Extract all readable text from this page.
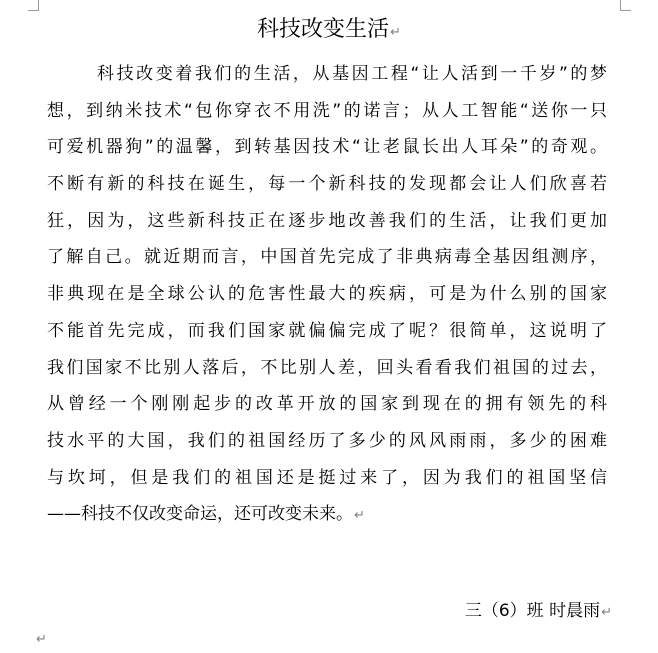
科技改变生活↵
科技改变着我们的生活，从基因工程“让人活到一千岁”的梦
想，到纳米技术“包你穿衣不用洗”的诺言；从人工智能“送你一只
可爱机器狗”的温馨，到转基因技术“让老鼠长出人耳朵”的奇观。
不断有新的科技在诞生，每一个新科技的发现都会让人们欣喜若
狂，因为，这些新科技正在逐步地改善我们的生活，让我们更加
了解自己。就近期而言，中国首先完成了非典病毒全基因组测序，
非典现在是全球公认的危害性最大的疾病，可是为什么别的国家
不能首先完成，而我们国家就偏偏完成了呢？很简单，这说明了
我们国家不比别人落后，不比别人差，回头看看我们祖国的过去，
从曾经一个刚刚起步的改革开放的国家到现在的拥有领先的科
技水平的大国，我们的祖国经历了多少的风风雨雨，多少的困难
与坎坷，但是我们的祖国还是挺过来了，因为我们的祖国坚信
——科技不仅改变命运，还可改变未来。↵
三（6）班 时晨雨↵
↵
